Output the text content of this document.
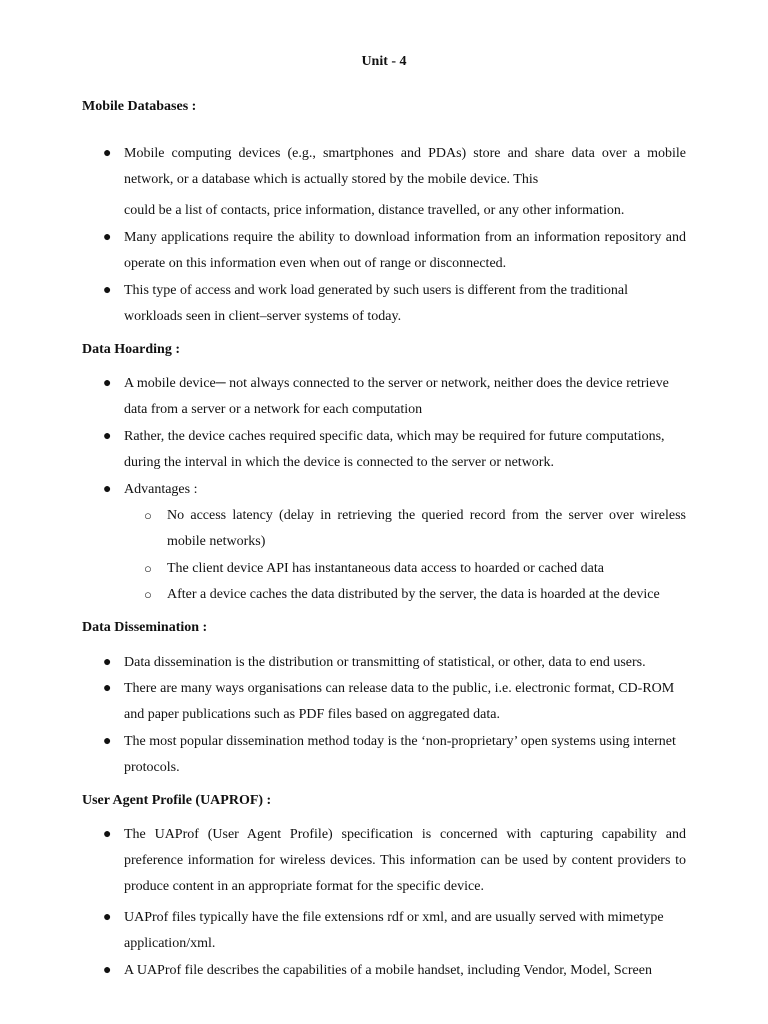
Unit - 4
Mobile Databases :
● Mobile computing devices (e.g., smartphones and PDAs) store and share data over a mobile network, or a database which is actually stored by the mobile device. This
could be a list of contacts, price information, distance travelled, or any other information.
● Many applications require the ability to download information from an information repository and operate on this information even when out of range or disconnected.
● This type of access and work load generated by such users is different from the traditional workloads seen in client–server systems of today.
Data Hoarding :
● A mobile device─ not always connected to the server or network, neither does the device retrieve data from a server or a network for each computation
● Rather, the device caches required specific data, which may be required for future computations, during the interval in which the device is connected to the server or network.
● Advantages :
○ No access latency (delay in retrieving the queried record from the server over wireless mobile networks)
○ The client device API has instantaneous data access to hoarded or cached data
○ After a device caches the data distributed by the server, the data is hoarded at the device
Data Dissemination :
● Data dissemination is the distribution or transmitting of statistical, or other, data to end users.
● There are many ways organisations can release data to the public, i.e. electronic format, CD-ROM and paper publications such as PDF files based on aggregated data.
● The most popular dissemination method today is the ‘non-proprietary’ open systems using internet protocols.
User Agent Profile (UAPROF) :
● The UAProf (User Agent Profile) specification is concerned with capturing capability and preference information for wireless devices. This information can be used by content providers to produce content in an appropriate format for the specific device.
● UAProf files typically have the file extensions rdf or xml, and are usually served with mimetype application/xml.
● A UAProf file describes the capabilities of a mobile handset, including Vendor, Model, Screen
